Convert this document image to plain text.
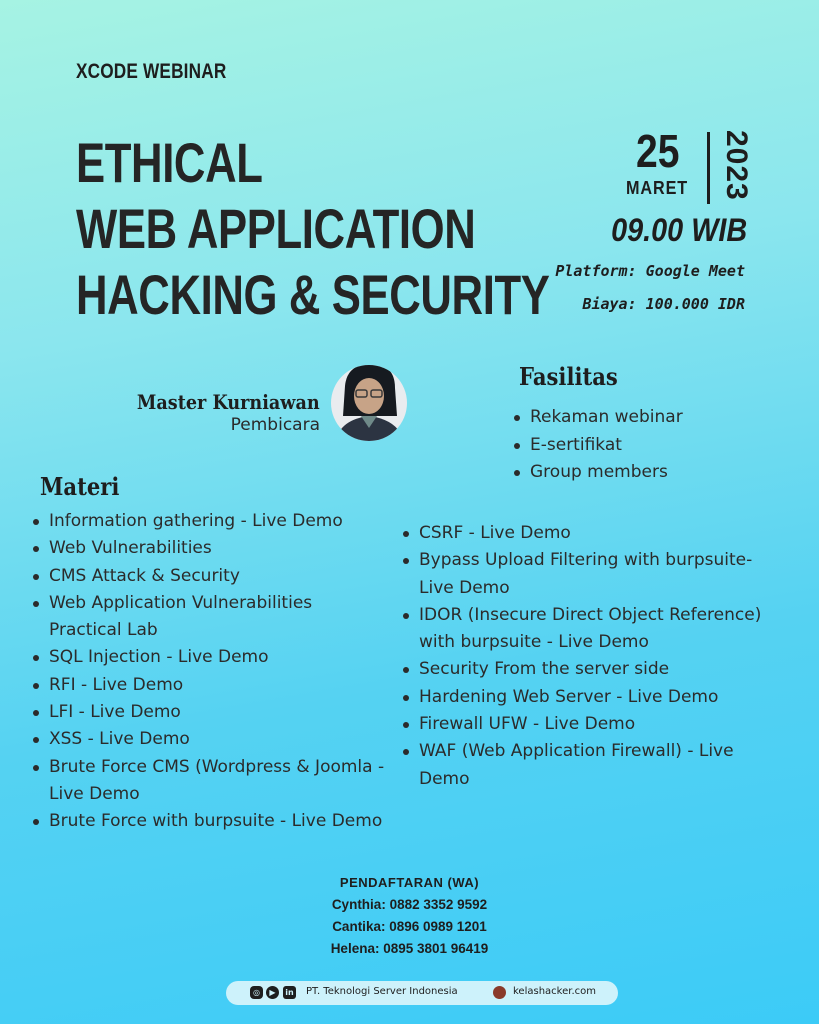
XCODE WEBINAR
ETHICAL
WEB APPLICATION
HACKING & SECURITY
25
MARET 2023
09.00 WIB
Platform: Google Meet
Biaya: 100.000 IDR
Master Kurniawan
Pembicara
Fasilitas
Rekaman webinar
E-sertifikat
Group members
Materi
Information gathering - Live Demo
Web Vulnerabilities
CMS Attack & Security
Web Application Vulnerabilities
Practical Lab
SQL Injection - Live Demo
RFI - Live Demo
LFI - Live Demo
XSS - Live Demo
Brute Force CMS (Wordpress & Joomla -
Live Demo
Brute Force with burpsuite - Live Demo
CSRF - Live Demo
Bypass Upload Filtering with burpsuite-
Live Demo
IDOR (Insecure Direct Object Reference)
with burpsuite - Live Demo
Security From the server side
Hardening Web Server - Live Demo
Firewall UFW - Live Demo
WAF (Web Application Firewall) - Live
Demo
PENDAFTARAN (WA)
Cynthia: 0882 3352 9592
Cantika: 0896 0989 1201
Helena: 0895 3801 96419
◎	▶	in PT. Teknologi Server Indonesia	kelashacker.com
